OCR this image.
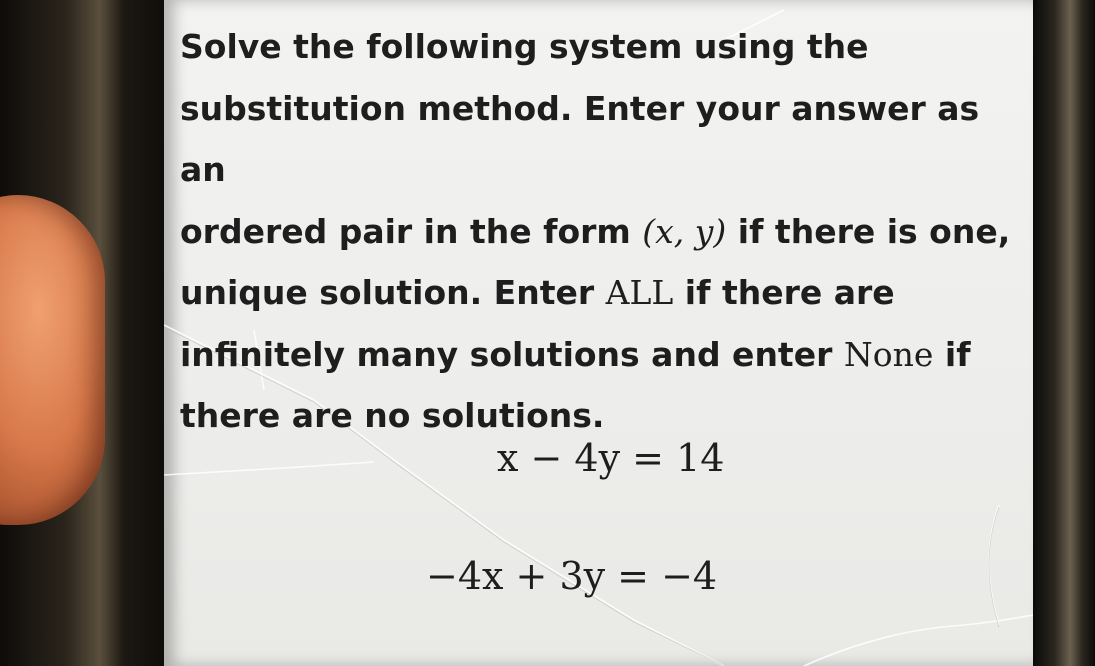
Solve the following system using the
substitution method. Enter your answer as an
ordered pair in the form (x, y) if there is one,
unique solution. Enter ALL if there are
infinitely many solutions and enter None if
there are no solutions.
x − 4y = 14
−4x + 3y = −4
